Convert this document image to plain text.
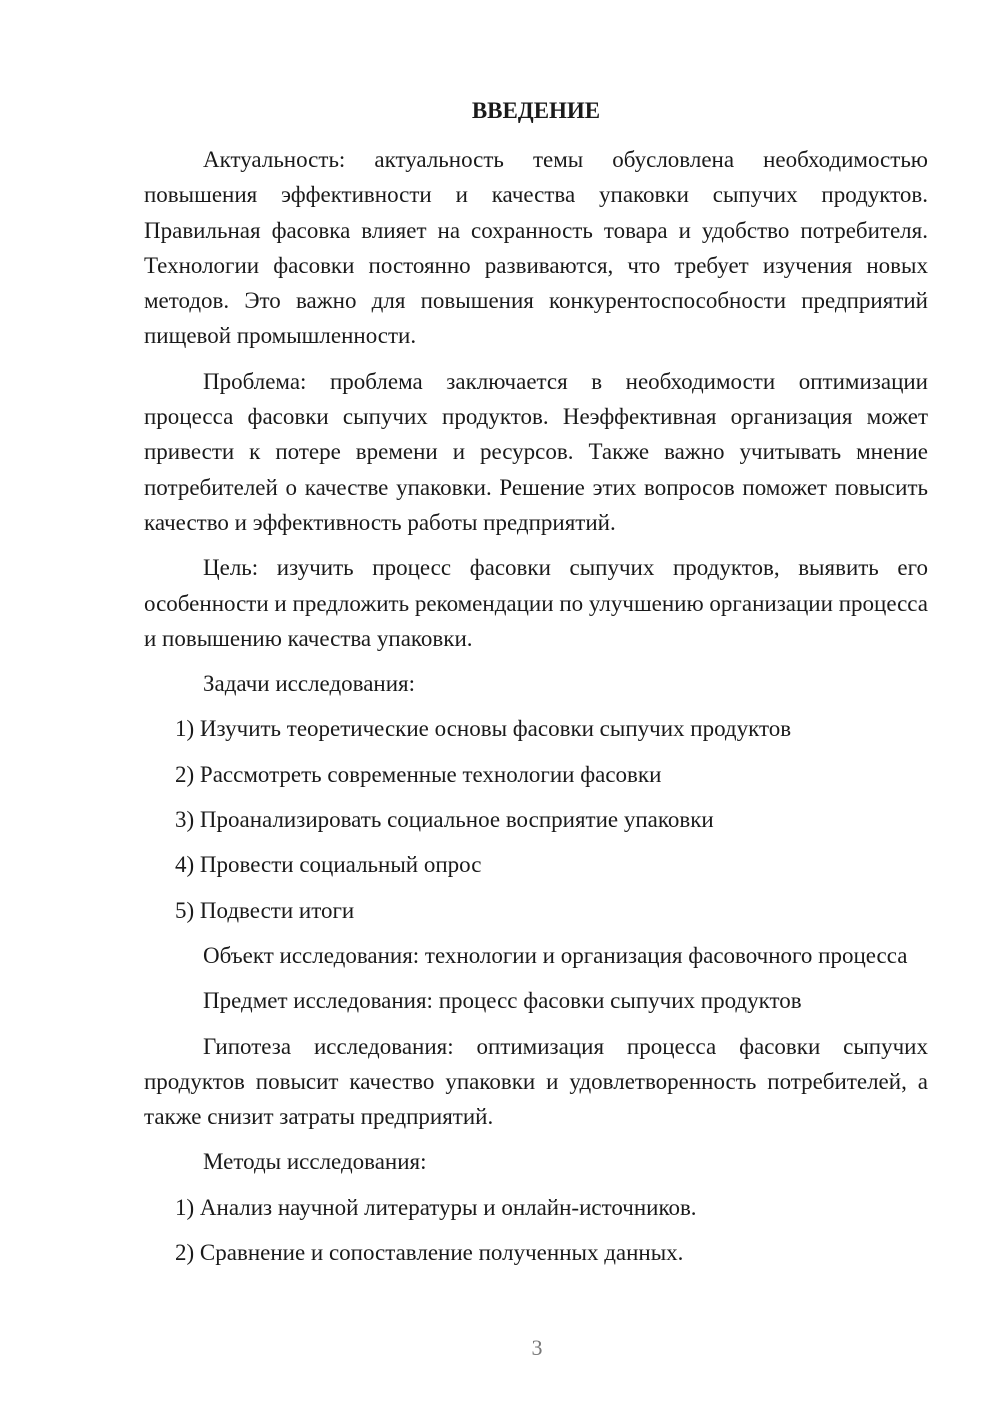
ВВЕДЕНИЕ

Актуальность: актуальность темы обусловлена необходимостью повышения эффективности и качества упаковки сыпучих продуктов. Правильная фасовка влияет на сохранность товара и удобство потребителя. Технологии фасовки постоянно развиваются, что требует изучения новых методов. Это важно для повышения конкурентоспособности предприятий пищевой промышленности.

Проблема: проблема заключается в необходимости оптимизации процесса фасовки сыпучих продуктов. Неэффективная организация может привести к потере времени и ресурсов. Также важно учитывать мнение потребителей о качестве упаковки. Решение этих вопросов поможет повысить качество и эффективность работы предприятий.

Цель: изучить процесс фасовки сыпучих продуктов, выявить его особенности и предложить рекомендации по улучшению организации процесса и повышению качества упаковки.

Задачи исследования:

1) Изучить теоретические основы фасовки сыпучих продуктов

2) Рассмотреть современные технологии фасовки

3) Проанализировать социальное восприятие упаковки

4) Провести социальный опрос

5) Подвести итоги

Объект исследования: технологии и организация фасовочного процесса

Предмет исследования: процесс фасовки сыпучих продуктов

Гипотеза исследования: оптимизация процесса фасовки сыпучих продуктов повысит качество упаковки и удовлетворенность потребителей, а также снизит затраты предприятий.

Методы исследования:

1) Анализ научной литературы и онлайн-источников.

2) Сравнение и сопоставление полученных данных.

3
